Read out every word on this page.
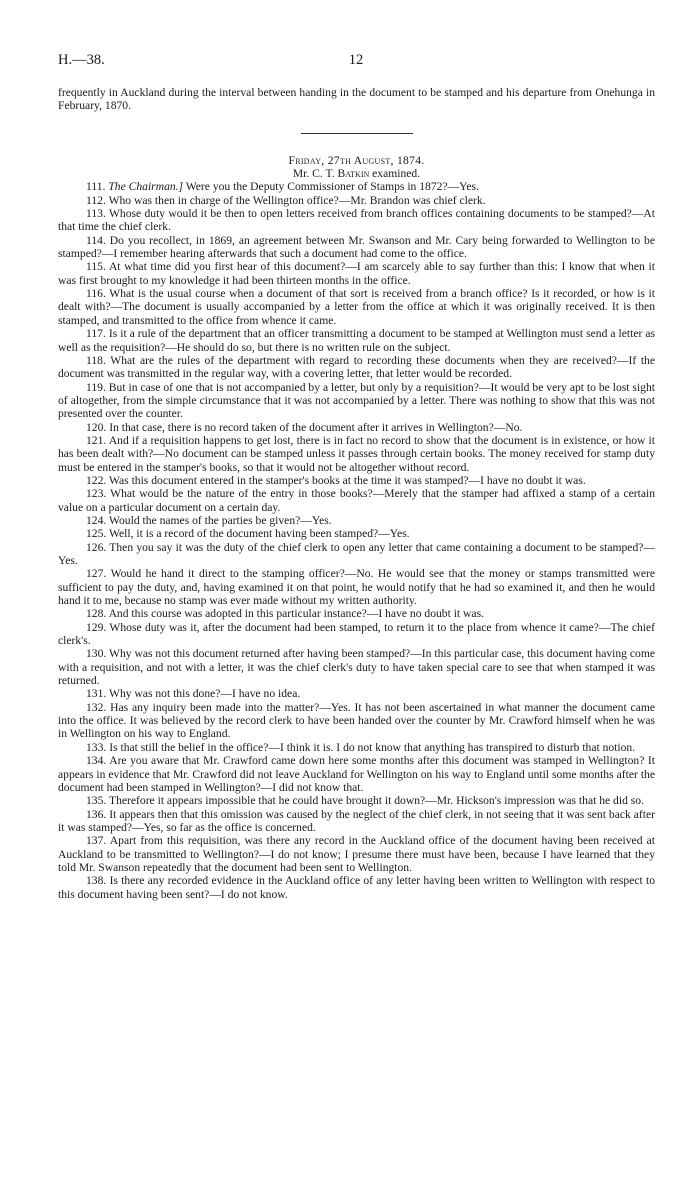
H.—38.	12

frequently in Auckland during the interval between handing in the document to be stamped and his departure from Onehunga in February, 1870.

Friday, 27th August, 1874.

Mr. C. T. Batkin examined.

111. The Chairman.] Were you the Deputy Commissioner of Stamps in 1872?—Yes.

112. Who was then in charge of the Wellington office?—Mr. Brandon was chief clerk.

113. Whose duty would it be then to open letters received from branch offices containing documents to be stamped?—At that time the chief clerk.

114. Do you recollect, in 1869, an agreement between Mr. Swanson and Mr. Cary being forwarded to Wellington to be stamped?—I remember hearing afterwards that such a document had come to the office.

115. At what time did you first hear of this document?—I am scarcely able to say further than this: I know that when it was first brought to my knowledge it had been thirteen months in the office.

116. What is the usual course when a document of that sort is received from a branch office? Is it recorded, or how is it dealt with?—The document is usually accompanied by a letter from the office at which it was originally received. It is then stamped, and transmitted to the office from whence it came.

117. Is it a rule of the department that an officer transmitting a document to be stamped at Wellington must send a letter as well as the requisition?—He should do so, but there is no written rule on the subject.

118. What are the rules of the department with regard to recording these documents when they are received?—If the document was transmitted in the regular way, with a covering letter, that letter would be recorded.

119. But in case of one that is not accompanied by a letter, but only by a requisition?—It would be very apt to be lost sight of altogether, from the simple circumstance that it was not accompanied by a letter. There was nothing to show that this was not presented over the counter.

120. In that case, there is no record taken of the document after it arrives in Wellington?—No.

121. And if a requisition happens to get lost, there is in fact no record to show that the document is in existence, or how it has been dealt with?—No document can be stamped unless it passes through certain books. The money received for stamp duty must be entered in the stamper's books, so that it would not be altogether without record.

122. Was this document entered in the stamper's books at the time it was stamped?—I have no doubt it was.

123. What would be the nature of the entry in those books?—Merely that the stamper had affixed a stamp of a certain value on a particular document on a certain day.

124. Would the names of the parties be given?—Yes.

125. Well, it is a record of the document having been stamped?—Yes.

126. Then you say it was the duty of the chief clerk to open any letter that came containing a document to be stamped?—Yes.

127. Would he hand it direct to the stamping officer?—No. He would see that the money or stamps transmitted were sufficient to pay the duty, and, having examined it on that point, he would notify that he had so examined it, and then he would hand it to me, because no stamp was ever made without my written authority.

128. And this course was adopted in this particular instance?—I have no doubt it was.

129. Whose duty was it, after the document had been stamped, to return it to the place from whence it came?—The chief clerk's.

130. Why was not this document returned after having been stamped?—In this particular case, this document having come with a requisition, and not with a letter, it was the chief clerk's duty to have taken special care to see that when stamped it was returned.

131. Why was not this done?—I have no idea.

132. Has any inquiry been made into the matter?—Yes. It has not been ascertained in what manner the document came into the office. It was believed by the record clerk to have been handed over the counter by Mr. Crawford himself when he was in Wellington on his way to England.

133. Is that still the belief in the office?—I think it is. I do not know that anything has transpired to disturb that notion.

134. Are you aware that Mr. Crawford came down here some months after this document was stamped in Wellington? It appears in evidence that Mr. Crawford did not leave Auckland for Wellington on his way to England until some months after the document had been stamped in Wellington?—I did not know that.

135. Therefore it appears impossible that he could have brought it down?—Mr. Hickson's impression was that he did so.

136. It appears then that this omission was caused by the neglect of the chief clerk, in not seeing that it was sent back after it was stamped?—Yes, so far as the office is concerned.

137. Apart from this requisition, was there any record in the Auckland office of the document having been received at Auckland to be transmitted to Wellington?—I do not know; I presume there must have been, because I have learned that they told Mr. Swanson repeatedly that the document had been sent to Wellington.

138. Is there any recorded evidence in the Auckland office of any letter having been written to Wellington with respect to this document having been sent?—I do not know.
